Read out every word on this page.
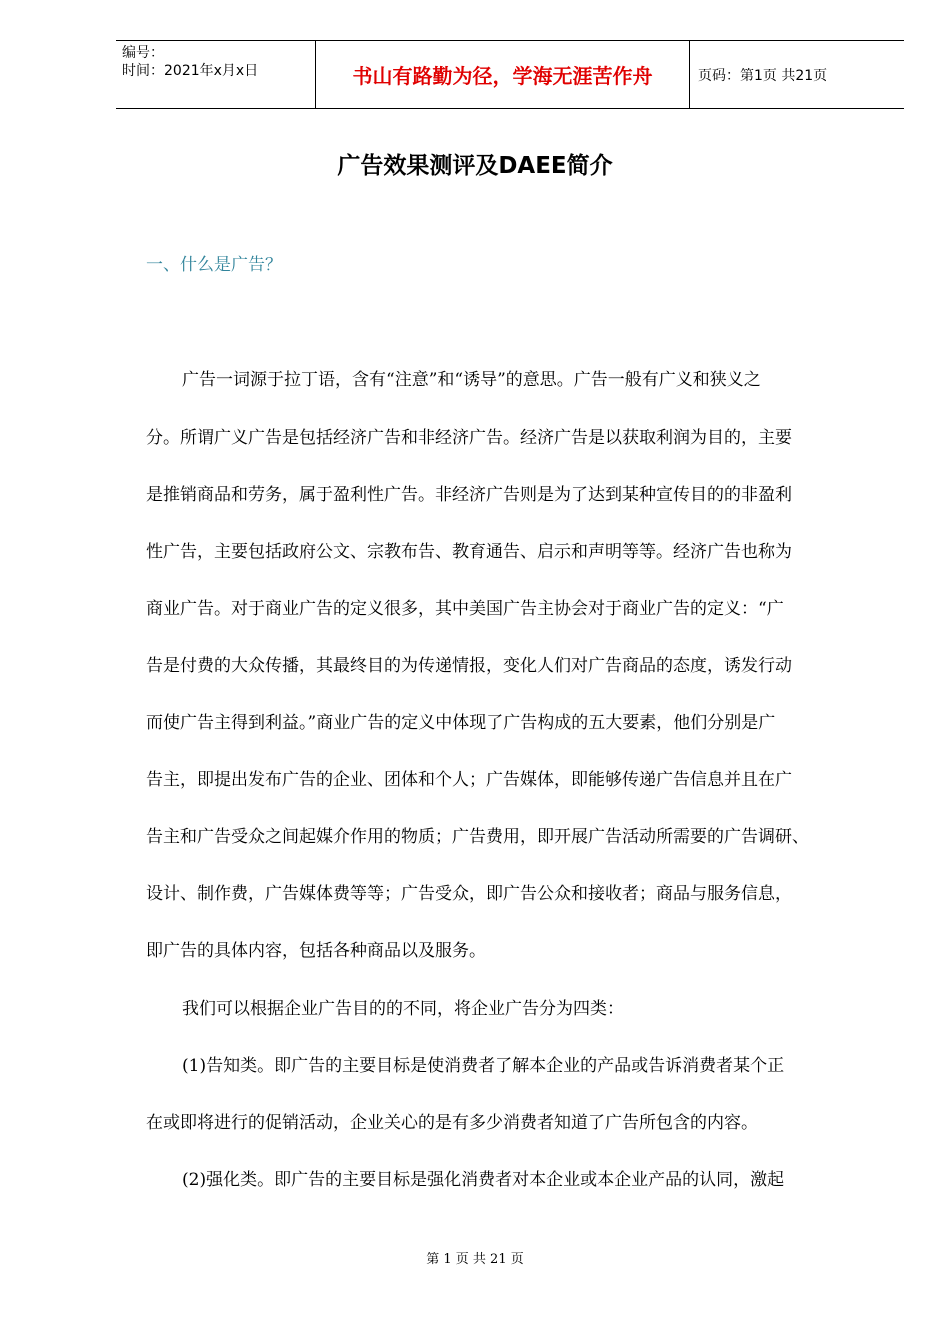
编号：
时间：2021年x月x日	书山有路勤为径，学海无涯苦作舟	页码：第1页 共21页
广告效果测评及DAEE简介
一、什么是广告？
广告一词源于拉丁语，含有“注意”和“诱导”的意思。广告一般有广义和狭义之
分。所谓广义广告是包括经济广告和非经济广告。经济广告是以获取利润为目的，主要
是推销商品和劳务，属于盈利性广告。非经济广告则是为了达到某种宣传目的的非盈利
性广告，主要包括政府公文、宗教布告、教育通告、启示和声明等等。经济广告也称为
商业广告。对于商业广告的定义很多，其中美国广告主协会对于商业广告的定义：“广
告是付费的大众传播，其最终目的为传递情报，变化人们对广告商品的态度，诱发行动
而使广告主得到利益。”商业广告的定义中体现了广告构成的五大要素，他们分别是广
告主，即提出发布广告的企业、团体和个人；广告媒体，即能够传递广告信息并且在广
告主和广告受众之间起媒介作用的物质；广告费用，即开展广告活动所需要的广告调研、
设计、制作费，广告媒体费等等；广告受众，即广告公众和接收者；商品与服务信息，
即广告的具体内容，包括各种商品以及服务。
我们可以根据企业广告目的的不同，将企业广告分为四类：
(1)告知类。即广告的主要目标是使消费者了解本企业的产品或告诉消费者某个正
在或即将进行的促销活动，企业关心的是有多少消费者知道了广告所包含的内容。
(2)强化类。即广告的主要目标是强化消费者对本企业或本企业产品的认同，激起
第 1 页 共 21 页
